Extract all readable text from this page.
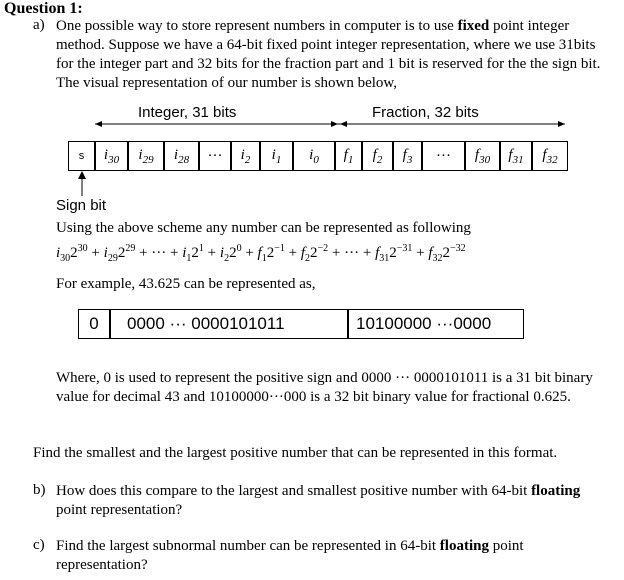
Question 1:
a) One possible way to store represent numbers in computer is to use fixed point integer method. Suppose we have a 64-bit fixed point integer representation, where we use 31bits for the integer part and 32 bits for the fraction part and 1 bit is reserved for the the sign bit. The visual representation of our number is shown below,
Integer, 31 bits	Fraction, 32 bits
s	$i_{30}$ $i_{29}$ $i_{28}$ ··· $i_2$ $i_1$ $i_0$ $f_1$ $f_2$ $f_3$ ··· $f_{30}$ $f_{31}$ $f_{32}$
Sign bit
Using the above scheme any number can be represented as following
$i_{30}2^{30} + i_{29}2^{29}$ + ··· + $i_12^1 + i_22^0 + f_12^{-1} + f_22^{-2}$ + ··· + $f_{31}2^{-31} + f_{32}2^{-32}$
For example, 43.625 can be represented as,
0	0000 ··· 0000101011	10100000 ···0000
Where, 0 is used to represent the positive sign and 0000 ··· 0000101011 is a 31 bit binary value for decimal 43 and 10100000···000 is a 32 bit binary value for fractional 0.625.
Find the smallest and the largest positive number that can be represented in this format.
b) How does this compare to the largest and smallest positive number with 64-bit floating point representation?
c) Find the largest subnormal number can be represented in 64-bit floating point representation?
